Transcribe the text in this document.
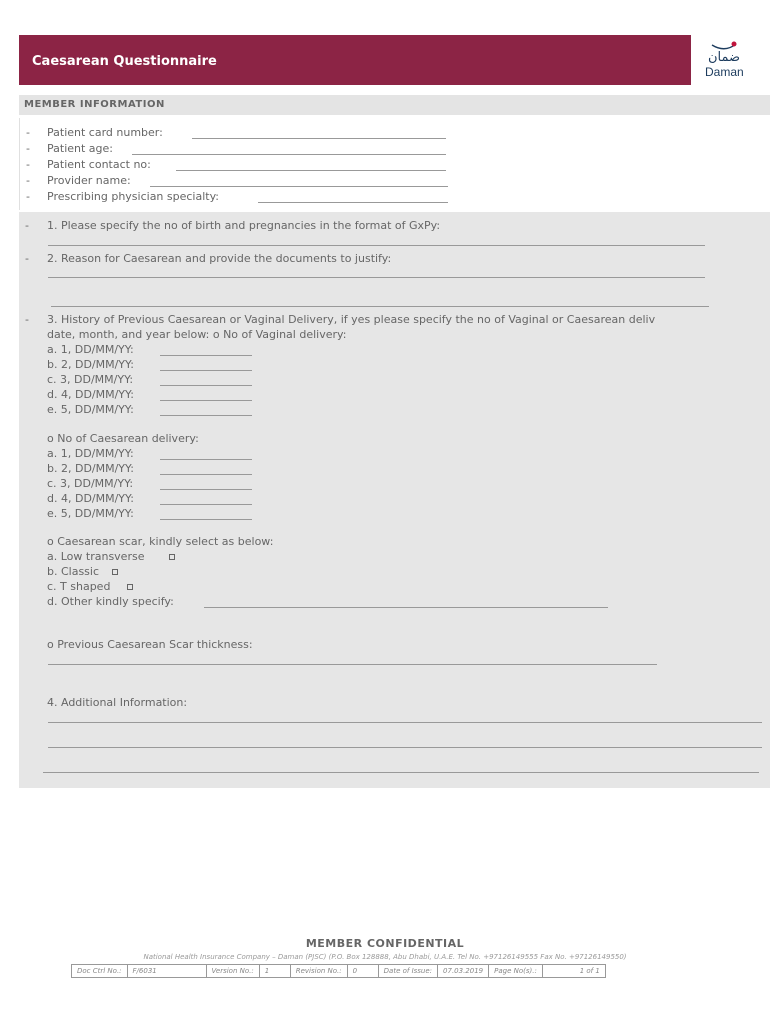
Caesarean Questionnaire	ضمان
Daman
MEMBER INFORMATION
- Patient card number:
- Patient age:
- Patient contact no:
- Provider name:
- Prescribing physician specialty:
- 1. Please specify the no of birth and pregnancies in the format of GxPy:
- 2. Reason for Caesarean and provide the documents to justify:
- 3. History of Previous Caesarean or Vaginal Delivery, if yes please specify the no of Vaginal or Caesarean deliv
date, month, and year below: o No of Vaginal delivery:
a. 1, DD/MM/YY:
b. 2, DD/MM/YY:
c. 3, DD/MM/YY:
d. 4, DD/MM/YY:
e. 5, DD/MM/YY:
o No of Caesarean delivery:
a. 1, DD/MM/YY:
b. 2, DD/MM/YY:
c. 3, DD/MM/YY:
d. 4, DD/MM/YY:
e. 5, DD/MM/YY:
o Caesarean scar, kindly select as below:
a. Low transverse
b. Classic
c. T shaped
d. Other kindly specify:
o Previous Caesarean Scar thickness:
4. Additional Information:
MEMBER CONFIDENTIAL
National Health Insurance Company – Daman (PJSC) (P.O. Box 128888, Abu Dhabi, U.A.E. Tel No. +97126149555 Fax No. +97126149550)
Doc Ctrl No.:	F/6031	Version No.:	1	Revision No.:	0	Date of Issue:	07.03.2019	Page No(s).:	1 of 1
